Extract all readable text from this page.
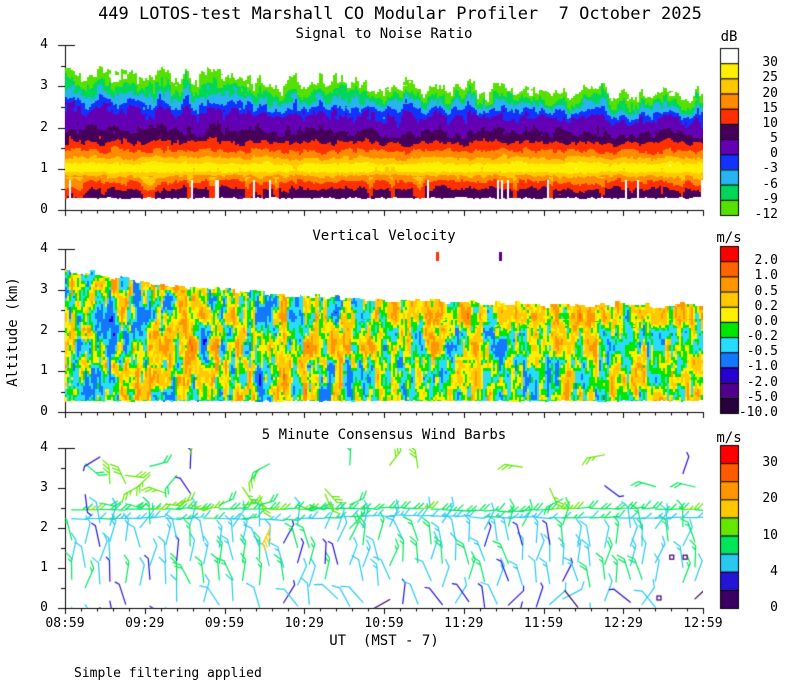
0
1
2
3
4
0
1
2
3
4
0
1
2
3
4
08:59	09:29	09:59	10:29	10:59	11:29	11:59	12:29	12:59
30
25
20
15
10
5
0
-3
-6
-9
-12
2.0
1.0
0.5
0.2
0.0
-0.2
-0.5
-1.0
-2.0
-5.0
-10.0
30
20
10
4
0
